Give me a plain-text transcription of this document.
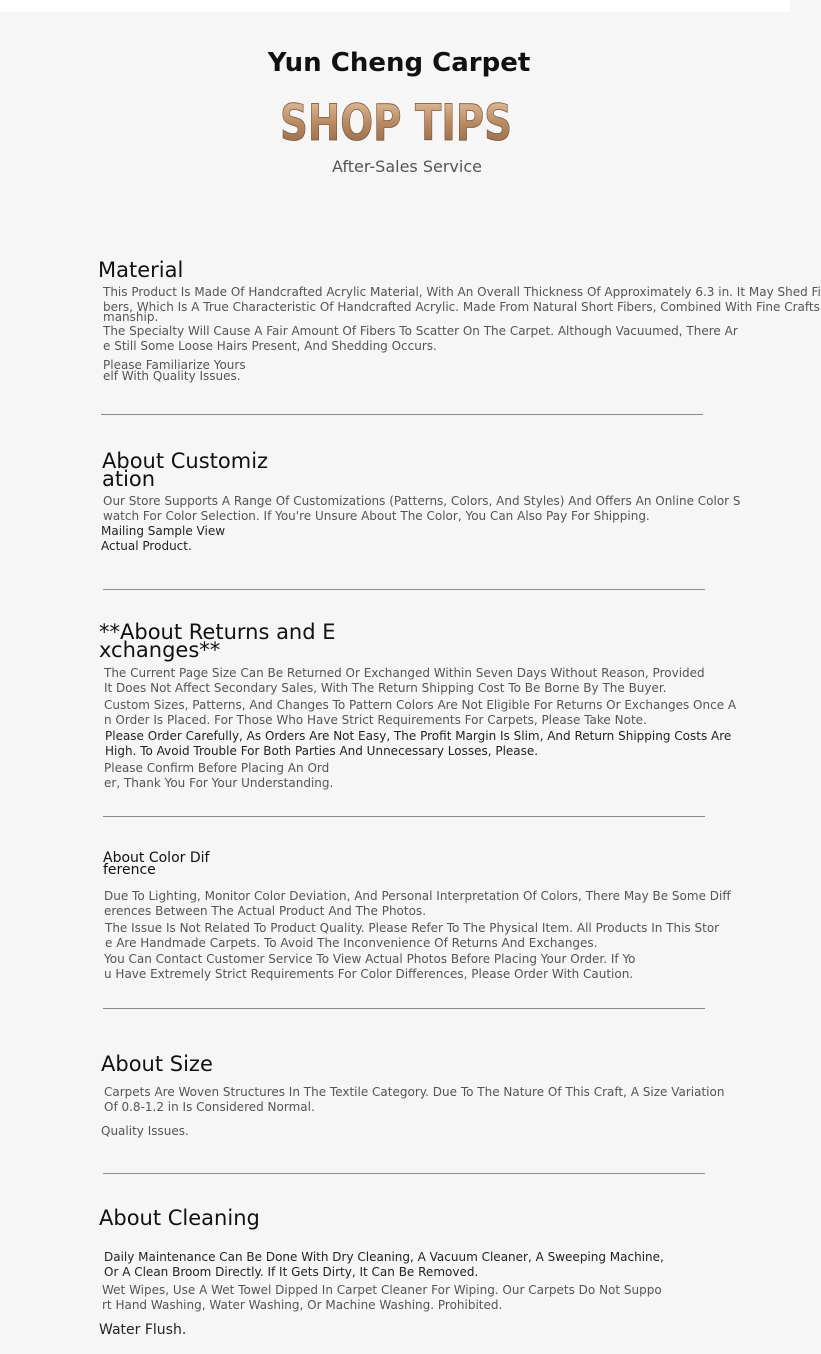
Yun Cheng Carpet
SHOP TIPS
After-Sales Service
Material
This Product Is Made Of Handcrafted Acrylic Material, With An Overall Thickness Of Approximately 6.3 in. It May Shed Fi
bers, Which Is A True Characteristic Of Handcrafted Acrylic. Made From Natural Short Fibers, Combined With Fine Crafts
manship.
The Specialty Will Cause A Fair Amount Of Fibers To Scatter On The Carpet. Although Vacuumed, There Ar
e Still Some Loose Hairs Present, And Shedding Occurs.
Please Familiarize Yours
elf With Quality Issues.
About Customiz
ation
Our Store Supports A Range Of Customizations (Patterns, Colors, And Styles) And Offers An Online Color S
watch For Color Selection. If You're Unsure About The Color, You Can Also Pay For Shipping.
Mailing Sample View
Actual Product.
**About Returns and E
xchanges**
The Current Page Size Can Be Returned Or Exchanged Within Seven Days Without Reason, Provided
It Does Not Affect Secondary Sales, With The Return Shipping Cost To Be Borne By The Buyer.
Custom Sizes, Patterns, And Changes To Pattern Colors Are Not Eligible For Returns Or Exchanges Once A
n Order Is Placed. For Those Who Have Strict Requirements For Carpets, Please Take Note.
Please Order Carefully, As Orders Are Not Easy, The Profit Margin Is Slim, And Return Shipping Costs Are
High. To Avoid Trouble For Both Parties And Unnecessary Losses, Please.
Please Confirm Before Placing An Ord
er, Thank You For Your Understanding.
About Color Dif
ference
Due To Lighting, Monitor Color Deviation, And Personal Interpretation Of Colors, There May Be Some Diff
erences Between The Actual Product And The Photos.
The Issue Is Not Related To Product Quality. Please Refer To The Physical Item. All Products In This Stor
e Are Handmade Carpets. To Avoid The Inconvenience Of Returns And Exchanges.
You Can Contact Customer Service To View Actual Photos Before Placing Your Order. If Yo
u Have Extremely Strict Requirements For Color Differences, Please Order With Caution.
About Size
Carpets Are Woven Structures In The Textile Category. Due To The Nature Of This Craft, A Size Variation
Of 0.8-1.2 in Is Considered Normal.
Quality Issues.
About Cleaning
Daily Maintenance Can Be Done With Dry Cleaning, A Vacuum Cleaner, A Sweeping Machine,
Or A Clean Broom Directly. If It Gets Dirty, It Can Be Removed.
Wet Wipes, Use A Wet Towel Dipped In Carpet Cleaner For Wiping. Our Carpets Do Not Suppo
rt Hand Washing, Water Washing, Or Machine Washing. Prohibited.
Water Flush.
